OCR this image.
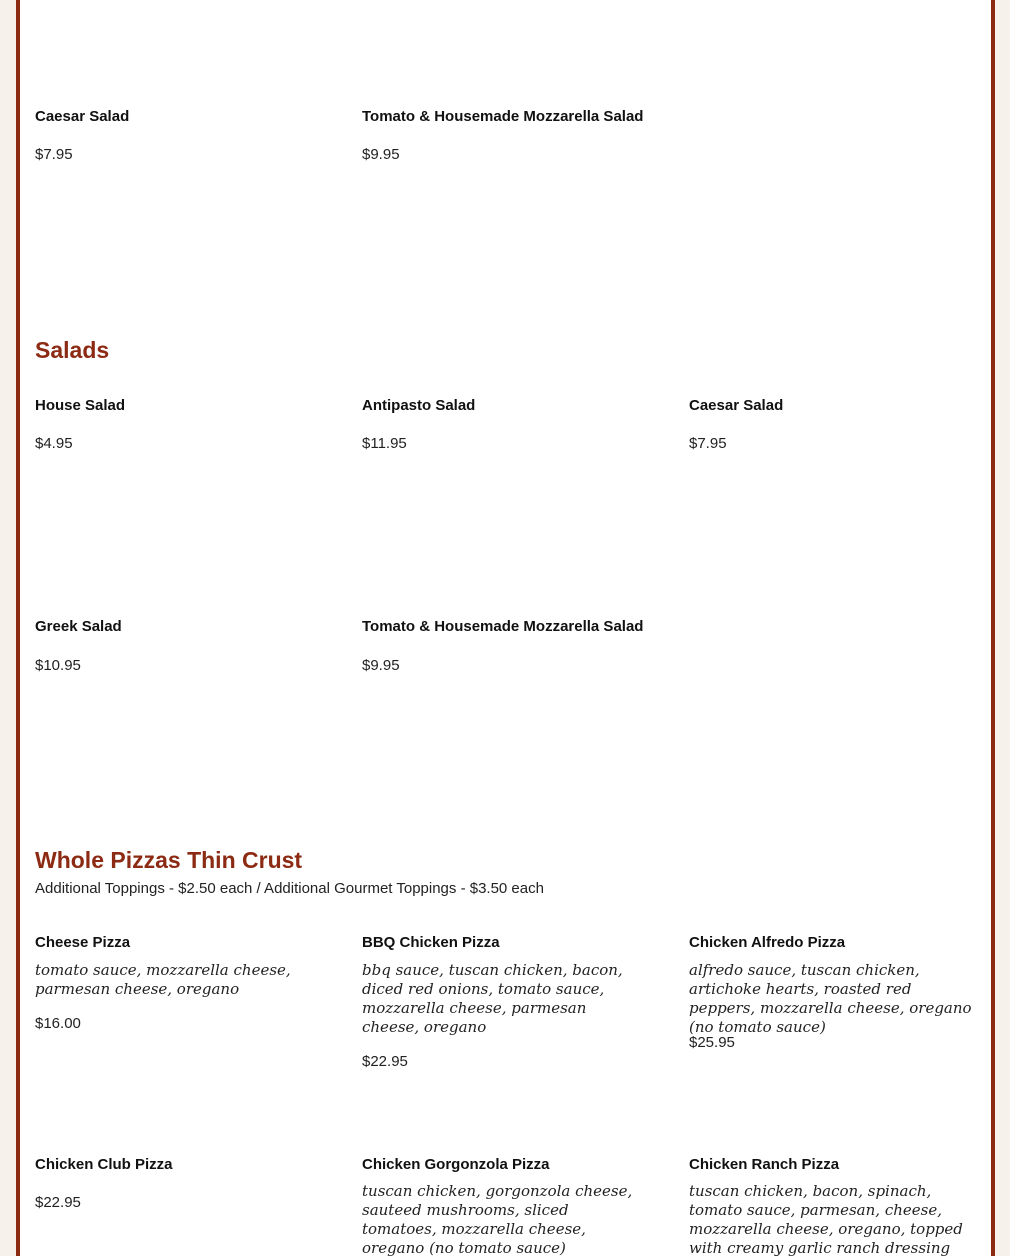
Caesar Salad
$7.95
Tomato & Housemade Mozzarella Salad
$9.95
Salads
House Salad
$4.95
Antipasto Salad
$11.95
Caesar Salad
$7.95
Greek Salad
$10.95
Tomato & Housemade Mozzarella Salad
$9.95
Whole Pizzas Thin Crust
Additional Toppings - $2.50 each / Additional Gourmet Toppings - $3.50 each
Cheese Pizza
tomato sauce, mozzarella cheese, parmesan cheese, oregano
$16.00
BBQ Chicken Pizza
bbq sauce, tuscan chicken, bacon, diced red onions, tomato sauce, mozzarella cheese, parmesan cheese, oregano
$22.95
Chicken Alfredo Pizza
alfredo sauce, tuscan chicken, artichoke hearts, roasted red peppers, mozzarella cheese, oregano (no tomato sauce)
$25.95
Chicken Club Pizza
$22.95
Chicken Gorgonzola Pizza
tuscan chicken, gorgonzola cheese, sauteed mushrooms, sliced tomatoes, mozzarella cheese, oregano (no tomato sauce)
Chicken Ranch Pizza
tuscan chicken, bacon, spinach, tomato sauce, parmesan, cheese, mozzarella cheese, oregano, topped with creamy garlic ranch dressing
